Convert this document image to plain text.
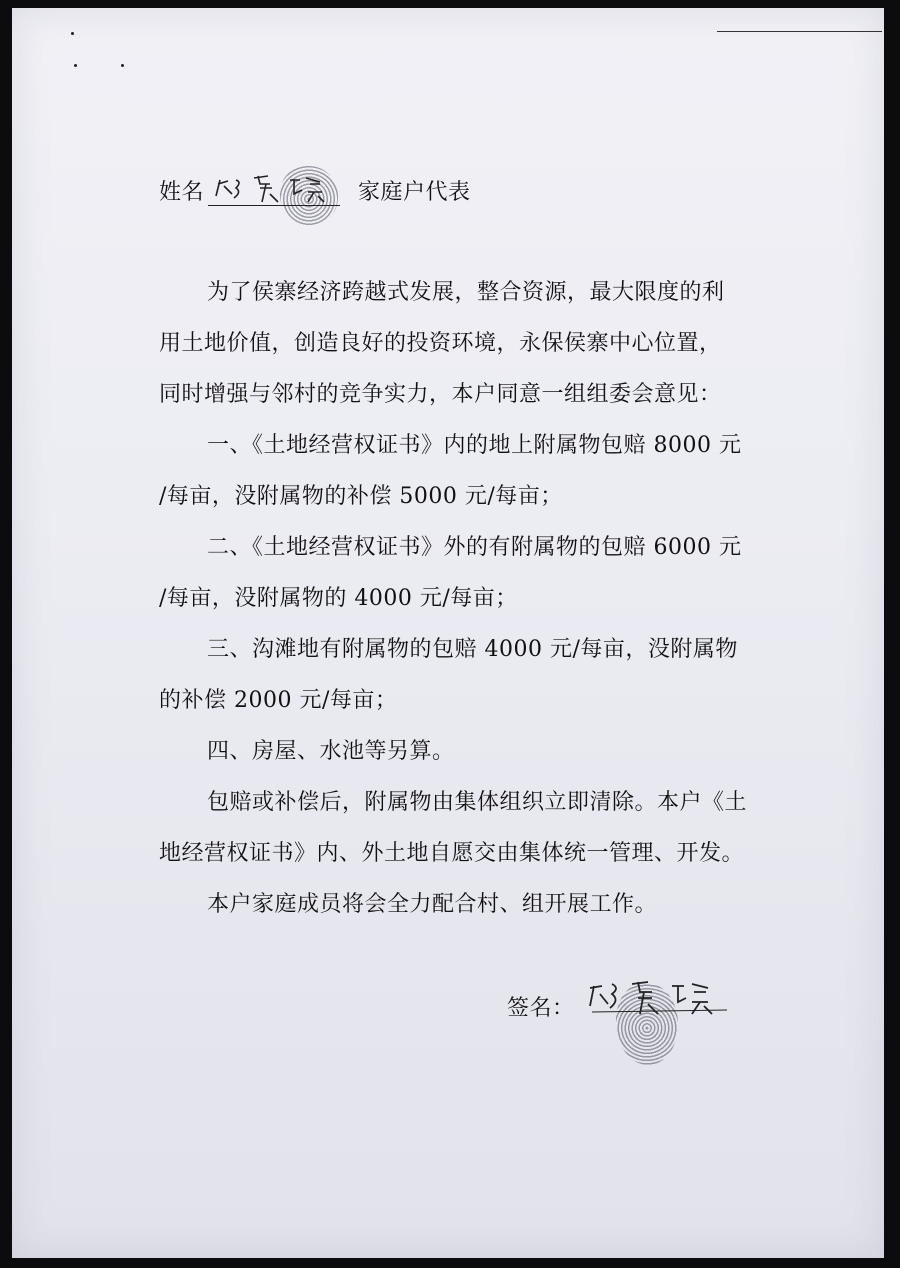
姓名	家庭户代表
为了侯寨经济跨越式发展，整合资源，最大限度的利
用土地价值，创造良好的投资环境，永保侯寨中心位置，
同时增强与邻村的竞争实力，本户同意一组组委会意见：
一、《土地经营权证书》内的地上附属物包赔 8000 元
/每亩，没附属物的补偿 5000 元/每亩；
二、《土地经营权证书》外的有附属物的包赔 6000 元
/每亩，没附属物的 4000 元/每亩；
三、沟滩地有附属物的包赔 4000 元/每亩，没附属物
的补偿 2000 元/每亩；
四、房屋、水池等另算。
包赔或补偿后，附属物由集体组织立即清除。本户《土
地经营权证书》内、外土地自愿交由集体统一管理、开发。
本户家庭成员将会全力配合村、组开展工作。
签名：
